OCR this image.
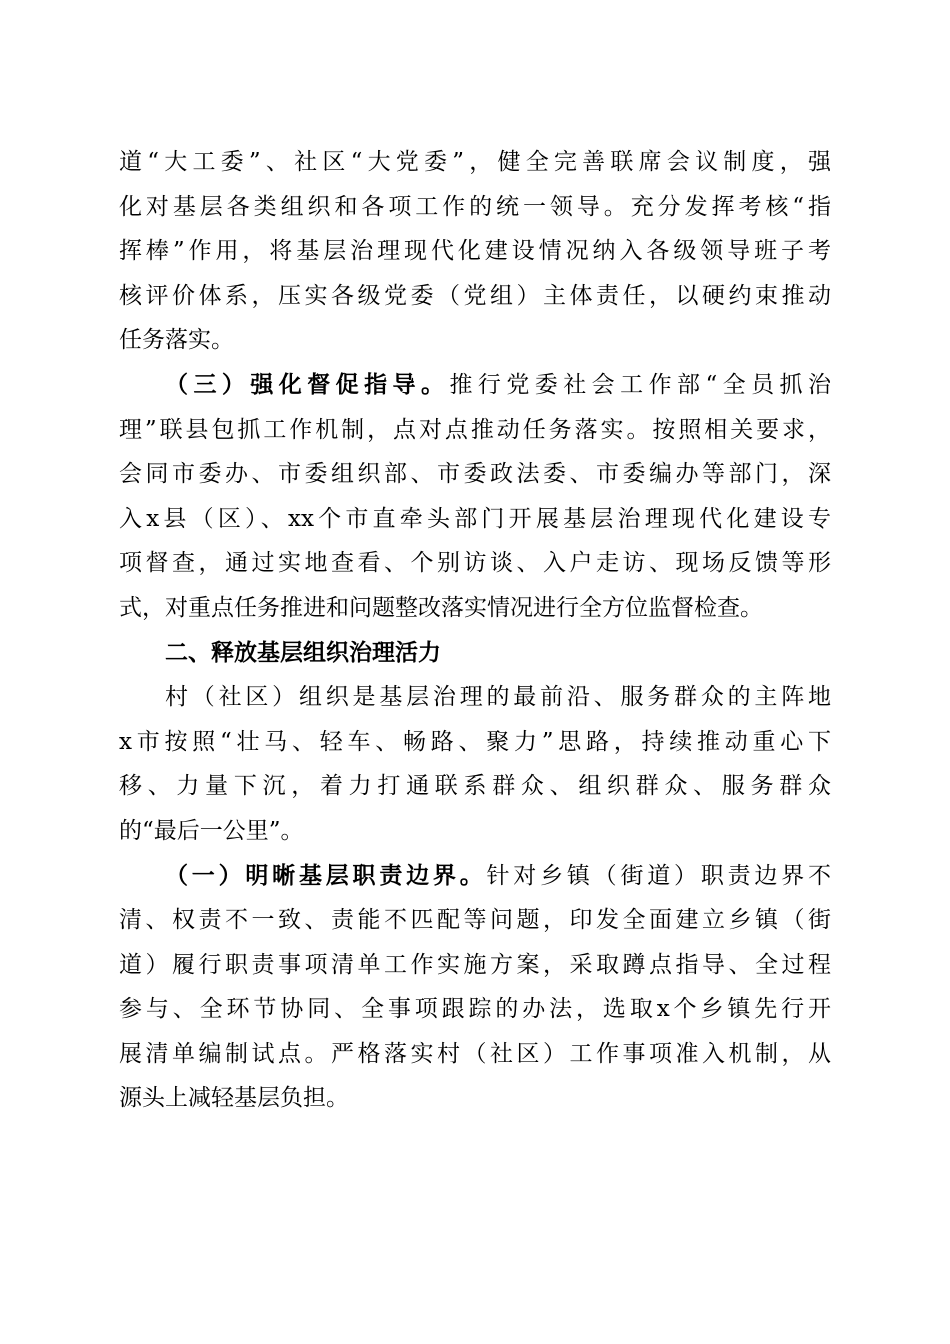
道“大工委”、社区“大党委”，健全完善联席会议制度，强
化对基层各类组织和各项工作的统一领导。充分发挥考核“指
挥棒”作用，将基层治理现代化建设情况纳入各级领导班子考
核评价体系，压实各级党委（党组）主体责任，以硬约束推动
任务落实。
（三）强化督促指导。推行党委社会工作部“全员抓治
理”联县包抓工作机制，点对点推动任务落实。按照相关要求，
会同市委办、市委组织部、市委政法委、市委编办等部门，深
入x县（区）、xx个市直牵头部门开展基层治理现代化建设专
项督查，通过实地查看、个别访谈、入户走访、现场反馈等形
式，对重点任务推进和问题整改落实情况进行全方位监督检查。
二、释放基层组织治理活力
村（社区）组织是基层治理的最前沿、服务群众的主阵地
x市按照“壮马、轻车、畅路、聚力”思路，持续推动重心下
移、力量下沉，着力打通联系群众、组织群众、服务群众
的“最后一公里”。
（一）明晰基层职责边界。针对乡镇（街道）职责边界不
清、权责不一致、责能不匹配等问题，印发全面建立乡镇（街
道）履行职责事项清单工作实施方案，采取蹲点指导、全过程
参与、全环节协同、全事项跟踪的办法，选取x个乡镇先行开
展清单编制试点。严格落实村（社区）工作事项准入机制，从
源头上减轻基层负担。
